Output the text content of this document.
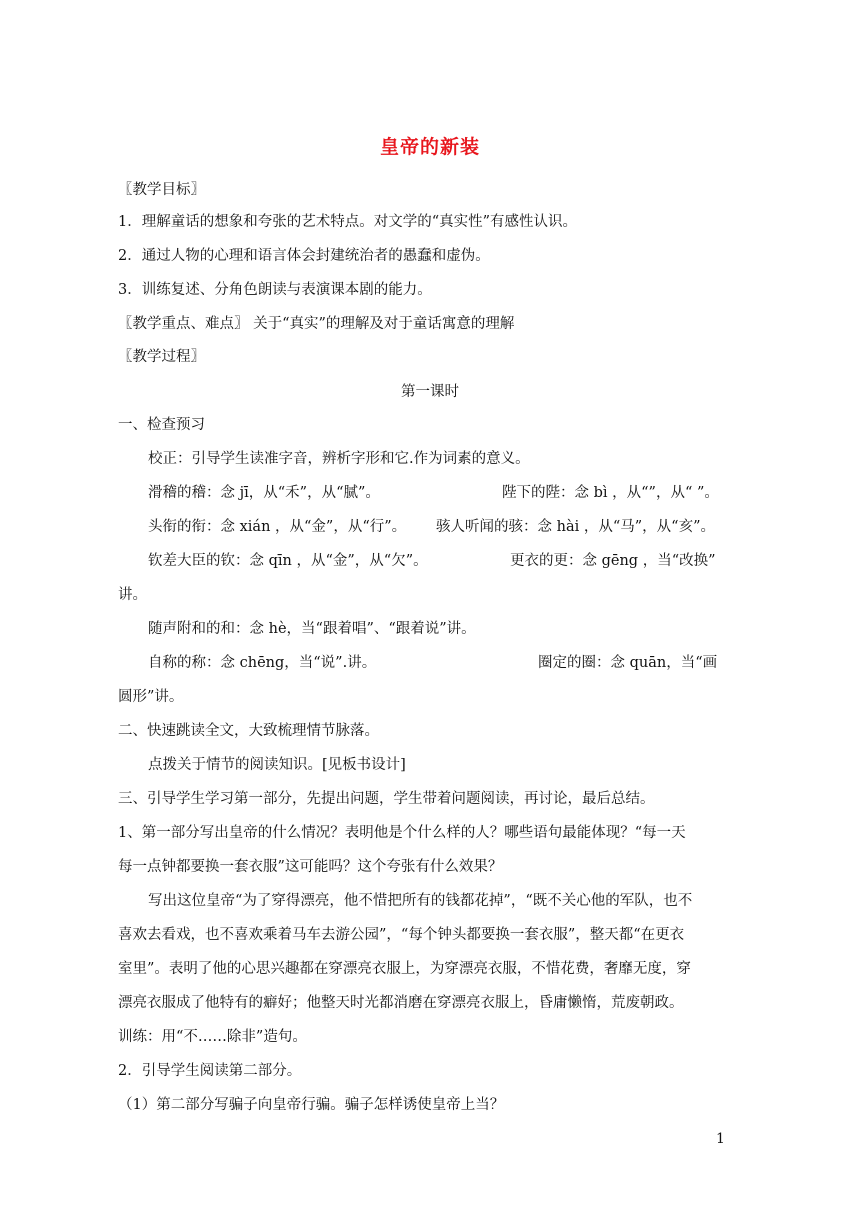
皇帝的新装
〖教学目标〗
1．理解童话的想象和夸张的艺术特点。对文学的“真实性”有感性认识。
2．通过人物的心理和语言体会封建统治者的愚蠢和虚伪。
3．训练复述、分角色朗读与表演课本剧的能力。
〖教学重点、难点〗 关于“真实”的理解及对于童话寓意的理解
〖教学过程〗
第一课时
一、检查预习
校正：引导学生读准字音，辨析字形和它.作为词素的意义。
滑稽的稽：念 jī，从“禾”，从“腻”。	陛下的陛：念 bì ，从“”，从“ ”。
头衔的衔：念 xián ，从“金”，从“行”。	骇人听闻的骇：念 hài ，从“马”，从“亥”。
钦差大臣的钦：念 qīn ，从“金”，从“欠”。	更衣的更：念 gēng ，当“改换”
讲。
随声附和的和：念 hè，当“跟着唱”、“跟着说”讲。
自称的称：念 chēng，当“说”.讲。	圈定的圈：念 quān，当“画
圆形”讲。
二、快速跳读全文，大致梳理情节脉落。
点拨关于情节的阅读知识。[见板书设计]
三、引导学生学习第一部分，先提出问题，学生带着问题阅读，再讨论，最后总结。
1、第一部分写出皇帝的什么情况？表明他是个什么样的人？哪些语句最能体现？“每一天
每一点钟都要换一套衣服”这可能吗？这个夸张有什么效果？
写出这位皇帝“为了穿得漂亮，他不惜把所有的钱都花掉”，“既不关心他的军队，也不
喜欢去看戏，也不喜欢乘着马车去游公园”，“每个钟头都要换一套衣服”，整天都“在更衣
室里”。表明了他的心思兴趣都在穿漂亮衣服上，为穿漂亮衣服，不惜花费，奢靡无度，穿
漂亮衣服成了他特有的癖好；他整天时光都消磨在穿漂亮衣服上，昏庸懒惰，荒废朝政。
训练：用“不……除非”造句。
2．引导学生阅读第二部分。
（1）第二部分写骗子向皇帝行骗。骗子怎样诱使皇帝上当？
1
